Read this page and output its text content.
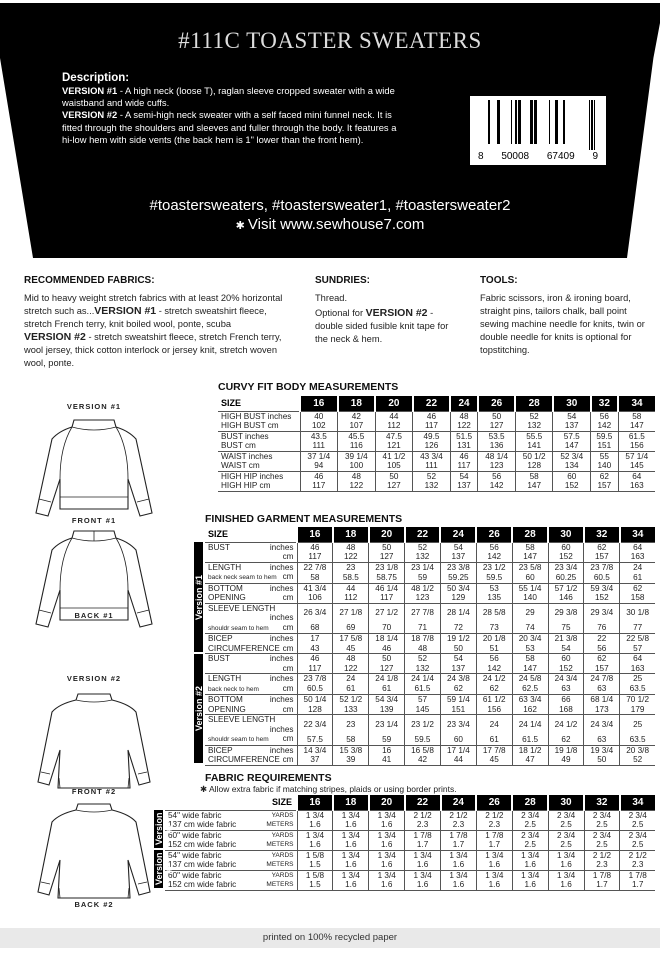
#111C TOASTER SWEATERS
Description:
VERSION #1 - A high neck (loose T), raglan sleeve cropped sweater with a wide waistband and wide cuffs.
VERSION #2 - A semi-high neck sweater with a self faced mini funnel neck. It is fitted through the shoulders and sleeves and fuller through the body. It features a hi-low hem with side vents (the back hem is 1" lower than the front hem).
8 50008 67409 9
#toastersweaters, #toastersweater1, #toastersweater2
✱ Visit www.sewhouse7.com
RECOMMENDED FABRICS:
Mid to heavy weight stretch fabrics with at least 20% horizontal stretch such as...VERSION #1 - stretch sweatshirt fleece, stretch French terry, knit boiled wool, ponte, scuba
VERSION #2 - stretch sweatshirt fleece, stretch French terry, wool jersey, thick cotton interlock or jersey knit, stretch woven wool, ponte.
SUNDRIES:
Thread.
Optional for VERSION #2 - double sided fusible knit tape for the neck & hem.
TOOLS:
Fabric scissors, iron & ironing board, straight pins, tailors chalk, ball point sewing machine needle for knits, twin or double needle for knits is optional for topstitching.
VERSION #1
FRONT #1
BACK #1
VERSION #2
FRONT #2
BACK #2
CURVY FIT BODY MEASUREMENTS
SIZE	16	18	20	22	24	26	28	30	32	34
HIGH BUST inches	40	42	44	46	48	50	52	54	56	58
HIGH BUST cm	102	107	112	117	122	127	132	137	142	147
BUST inches	43.5	45.5	47.5	49.5	51.5	53.5	55.5	57.5	59.5	61.5
BUST cm	111	116	121	126	131	136	141	147	151	156
WAIST inches	37 1/4	39 1/4	41 1/2	43 3/4	46	48 1/4	50 1/2	52 3/4	55	57 1/4
WAIST cm	94	100	105	111	117	123	128	134	140	145
HIGH HIP inches	46	48	50	52	54	56	58	60	62	64
HIGH HIP cm	117	122	127	132	137	142	147	152	157	163
FINISHED GARMENT MEASUREMENTS
SIZE	16	18	20	22	24	26	28	30	32	34
BUST inches	46	48	50	52	54	56	58	60	62	64

cm	117	122	127	132	137	142	147	152	157	163
LENGTH inches	22 7/8	23	23 1/8	23 1/4	23 3/8	23 1/2	23 5/8	23 3/4	23 7/8	24
back neck seam to hem cm	58	58.5	58.75	59	59.25	59.5	60	60.25	60.5	61
BOTTOM inches	41 3/4	44	46 1/4	48 1/2	50 3/4	53	55 1/4	57 1/2	59 3/4	62
OPENING cm	106	112	117	123	129	135	140	146	152	158
SLEEVE LENGTH
inches	26 3/4	27 1/8	27 1/2	27 7/8	28 1/4	28 5/8	29	29 3/8	29 3/4	30 1/8
shouldr seam to hem cm	68	69	70	71	72	73	74	75	76	77
BICEP inches	17	17 5/8	18 1/4	18 7/8	19 1/2	20 1/8	20 3/4	21 3/8	22	22 5/8
CIRCUMFERENCE cm	43	45	46	48	50	51	53	54	56	57
BUST inches	46	48	50	52	54	56	58	60	62	64

cm	117	122	127	132	137	142	147	152	157	163
LENGTH inches	23 7/8	24	24 1/8	24 1/4	24 3/8	24 1/2	24 5/8	24 3/4	24 7/8	25
back neck to hem cm	60.5	61	61	61.5	62	62	62.5	63	63	63.5
BOTTOM inches	50 1/4	52 1/2	54 3/4	57	59 1/4	61 1/2	63 3/4	66	68 1/4	70 1/2
OPENING cm	128	133	139	145	151	156	162	168	173	179
SLEEVE LENGTH
inches	22 3/4	23	23 1/4	23 1/2	23 3/4	24	24 1/4	24 1/2	24 3/4	25
shouldr seam to hem cm	57.5	58	59	59.5	60	61	61.5	62	63	63.5
BICEP inches	14 3/4	15 3/8	16	16 5/8	17 1/4	17 7/8	18 1/2	19 1/8	19 3/4	20 3/8
CIRCUMFERENCE cm	37	39	41	42	44	45	47	49	50	52
FABRIC REQUIREMENTS
✱ Allow extra fabric if matching stripes, plaids or using border prints.
SIZE	16	18	20	22	24	26	28	30	32	34
54" wide fabric YARDS	1 3/4	1 3/4	1 3/4	2 1/2	2 1/2	2 1/2	2 3/4	2 3/4	2 3/4	2 3/4
137 cm wide fabric METERS	1.6	1.6	1.6	2.3	2.3	2.3	2.5	2.5	2.5	2.5
60" wide fabric YARDS	1 3/4	1 3/4	1 3/4	1 7/8	1 7/8	1 7/8	2 3/4	2 3/4	2 3/4	2 3/4
152 cm wide fabric METERS	1.6	1.6	1.6	1.7	1.7	1.7	2.5	2.5	2.5	2.5
54" wide fabric YARDS	1 5/8	1 3/4	1 3/4	1 3/4	1 3/4	1 3/4	1 3/4	1 3/4	2 1/2	2 1/2
137 cm wide fabric METERS	1.5	1.6	1.6	1.6	1.6	1.6	1.6	1.6	2.3	2.3
60" wide fabric YARDS	1 5/8	1 3/4	1 3/4	1 3/4	1 3/4	1 3/4	1 3/4	1 3/4	1 7/8	1 7/8
152 cm wide fabric METERS	1.5	1.6	1.6	1.6	1.6	1.6	1.6	1.6	1.7	1.7
printed on 100% recycled paper
Version #1
Version #2
Version #1
Version #2
